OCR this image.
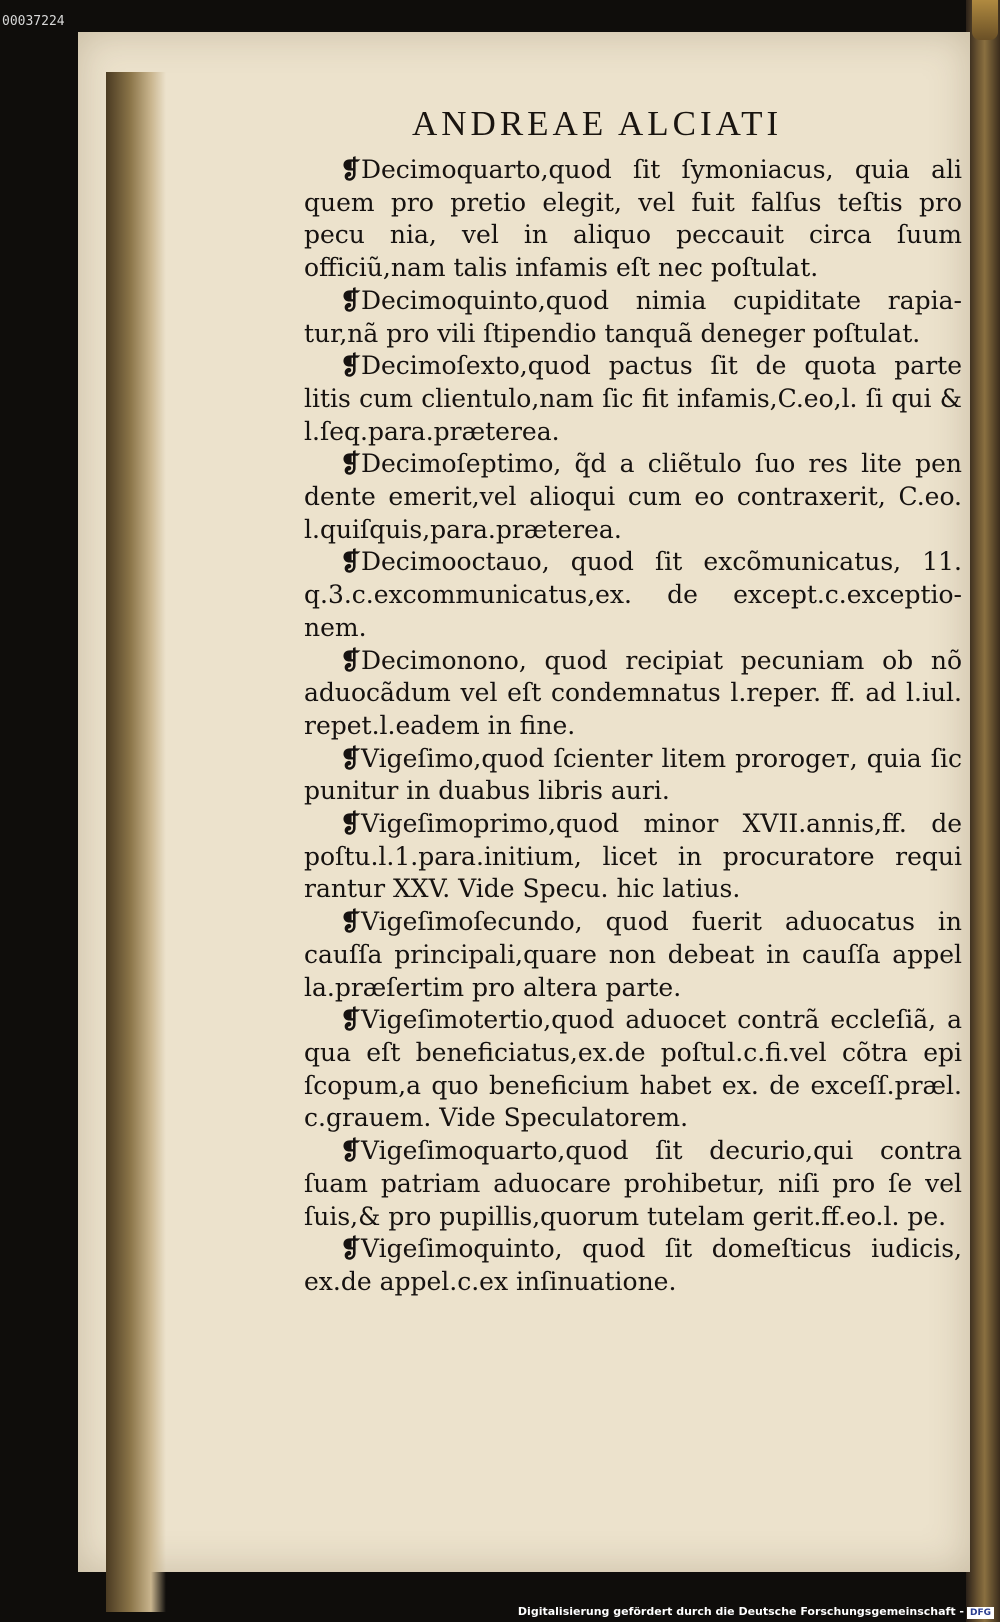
00037224
ANDREAE ALCIATI

❡Decimoquarto,quod ſit ſymoniacus, quia ali quem pro pretio elegit, vel fuit falſus teſtis pro pecu nia, vel in aliquo peccauit circa ſuum officiũ,nam talis infamis eſt nec poſtulat.

❡Decimoquinto,quod nimia cupiditate rapia- tur,nã pro vili ſtipendio tanquã deneger poſtulat.

❡Decimoſexto,quod pactus ſit de quota parte litis cum clientulo,nam ſic fit infamis,C.eo,l. ſi qui & l.ſeq.para.præterea.

❡Decimoſeptimo, q̃d a cliẽtulo ſuo res lite pen dente emerit,vel alioqui cum eo contraxerit, C.eo. l.quiſquis,para.præterea.

❡Decimooctauo, quod ſit excõmunicatus, 11. q.3.c.excommunicatus,ex. de except.c.exceptio- nem.

❡Decimonono, quod recipiat pecuniam ob nõ aduocãdum vel eſt condemnatus l.reper. ff. ad l.iul. repet.l.eadem in fine.

❡Vigeſimo,quod ſcienter litem prorogeт, quia ſic punitur in duabus libris auri.

❡Vigeſimoprimo,quod minor XVII.annis,ff. de poſtu.l.1.para.initium, licet in procuratore requi rantur XXV. Vide Specu. hic latius.

❡Vigeſimoſecundo, quod fuerit aduocatus in cauſſa principali,quare non debeat in cauſſa appel la.præſertim pro altera parte.

❡Vigeſimotertio,quod aduocet contrã eccleſiã, a qua eſt beneficiatus,ex.de poſtul.c.fi.vel cõtra epi ſcopum,a quo beneficium habet ex. de exceſſ.præl. c.grauem. Vide Speculatorem.

❡Vigeſimoquarto,quod ſit decurio,qui contra ſuam patriam aduocare prohibetur, niſi pro ſe vel ſuis,& pro pupillis,quorum tutelam gerit.ff.eo.l. pe.

❡Vigeſimoquinto, quod ſit domeſticus iudicis, ex.de appel.c.ex inſinuatione.

Digitalisierung gefördert durch die Deutsche Forschungsgemeinschaft - DFG
